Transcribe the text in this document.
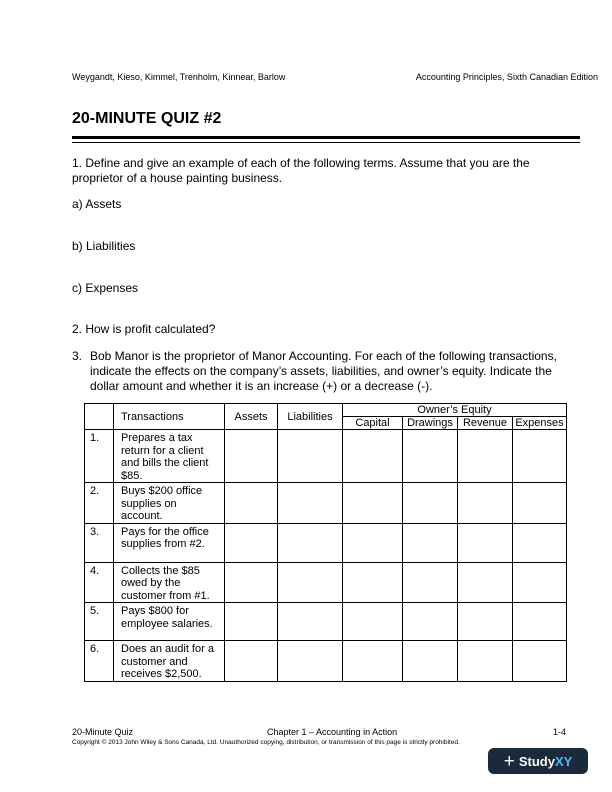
Weygandt, Kieso, Kimmel, Trenholm, Kinnear, Barlow	Accounting Principles, Sixth Canadian Edition
20-MINUTE QUIZ #2
1. Define and give an example of each of the following terms. Assume that you are the proprietor of a house painting business.
a) Assets
b) Liabilities
c) Expenses
2. How is profit calculated?
3. Bob Manor is the proprietor of Manor Accounting. For each of the following transactions, indicate the effects on the company’s assets, liabilities, and owner’s equity. Indicate the dollar amount and whether it is an increase (+) or a decrease (-).
	Transactions	Assets	Liabilities	Owner’s Equity			
				Capital	Drawings	Revenue	Expenses
1.	Prepares a tax return for a client and bills the client $85.						
2.	Buys $200 office supplies on account.						
3.	Pays for the office supplies from #2.						
4.	Collects the $85 owed by the customer from #1.						
5.	Pays $800 for employee salaries.						
6.	Does an audit for a customer and receives $2,500.						
20-Minute Quiz	Chapter 1 – Accounting in Action	1-4
Copyright © 2013 John Wiley & Sons Canada, Ltd. Unauthorized copying, distribution, or transmission of this page is strictly prohibited.
+ Study XY
